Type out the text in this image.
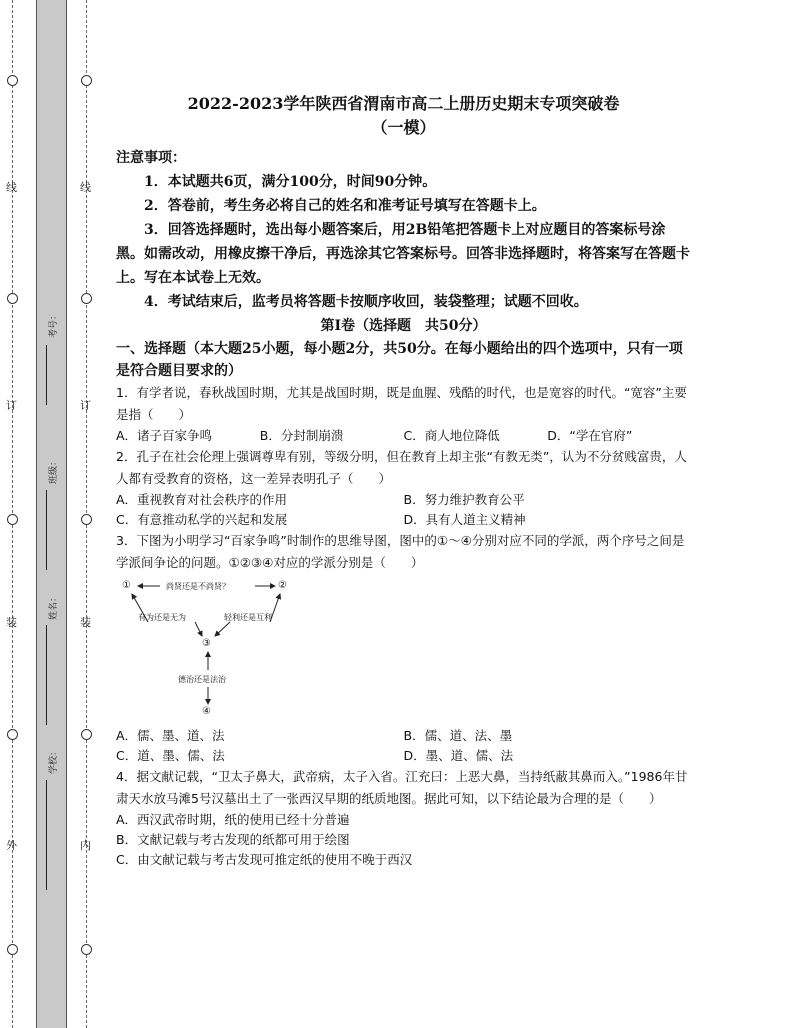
线
订
装
外
线
订
装
内
考号：
班级：
姓名：
学校：

2022-2023学年陕西省渭南市高二上册历史期末专项突破卷

（一模）

注意事项：

1．本试题共6页，满分100分，时间90分钟。

2．答卷前，考生务必将自己的姓名和准考证号填写在答题卡上。

3．回答选择题时，选出每小题答案后，用2B铅笔把答题卡上对应题目的答案标号涂黑。如需改动，用橡皮擦干净后，再选涂其它答案标号。回答非选择题时，将答案写在答题卡上。写在本试卷上无效。

4．考试结束后，监考员将答题卡按顺序收回，装袋整理；试题不回收。

第Ⅰ卷（选择题　共50分）

一、选择题（本大题25小题，每小题2分，共50分。在每小题给出的四个选项中，只有一项是符合题目要求的）

1．有学者说，春秋战国时期，尤其是战国时期，既是血腥、残酷的时代，也是宽容的时代。“宽容”主要是指（　　）

A．诸子百家争鸣	B．分封制崩溃	C．商人地位降低	D．“学在官府”

2．孔子在社会伦理上强调尊卑有别，等级分明，但在教育上却主张“有教无类”，认为不分贫贱富贵，人人都有受教育的资格，这一差异表明孔子（　　）

A．重视教育对社会秩序的作用	B．努力维护教育公平
C．有意推动私学的兴起和发展	D．具有人道主义精神

3．下图为小明学习“百家争鸣”时制作的思维导图，图中的①～④分别对应不同的学派，两个序号之间是学派间争论的问题。①②③④对应的学派分别是（　　）

①	②
③
④
尚贤还是不尚贤？
有为还是无为	轻利还是互利
德治还是法治
A．儒、墨、道、法	B．儒、道、法、墨
C．道、墨、儒、法	D．墨、道、儒、法

4．据文献记载，“卫太子鼻大，武帝病，太子入省。江充曰：上恶大鼻，当持纸蔽其鼻而入。”1986年甘肃天水放马滩5号汉墓出土了一张西汉早期的纸质地图。据此可知，以下结论最为合理的是（　　）

A．西汉武帝时期，纸的使用已经十分普遍
B．文献记载与考古发现的纸都可用于绘图
C．由文献记载与考古发现可推定纸的使用不晚于西汉
